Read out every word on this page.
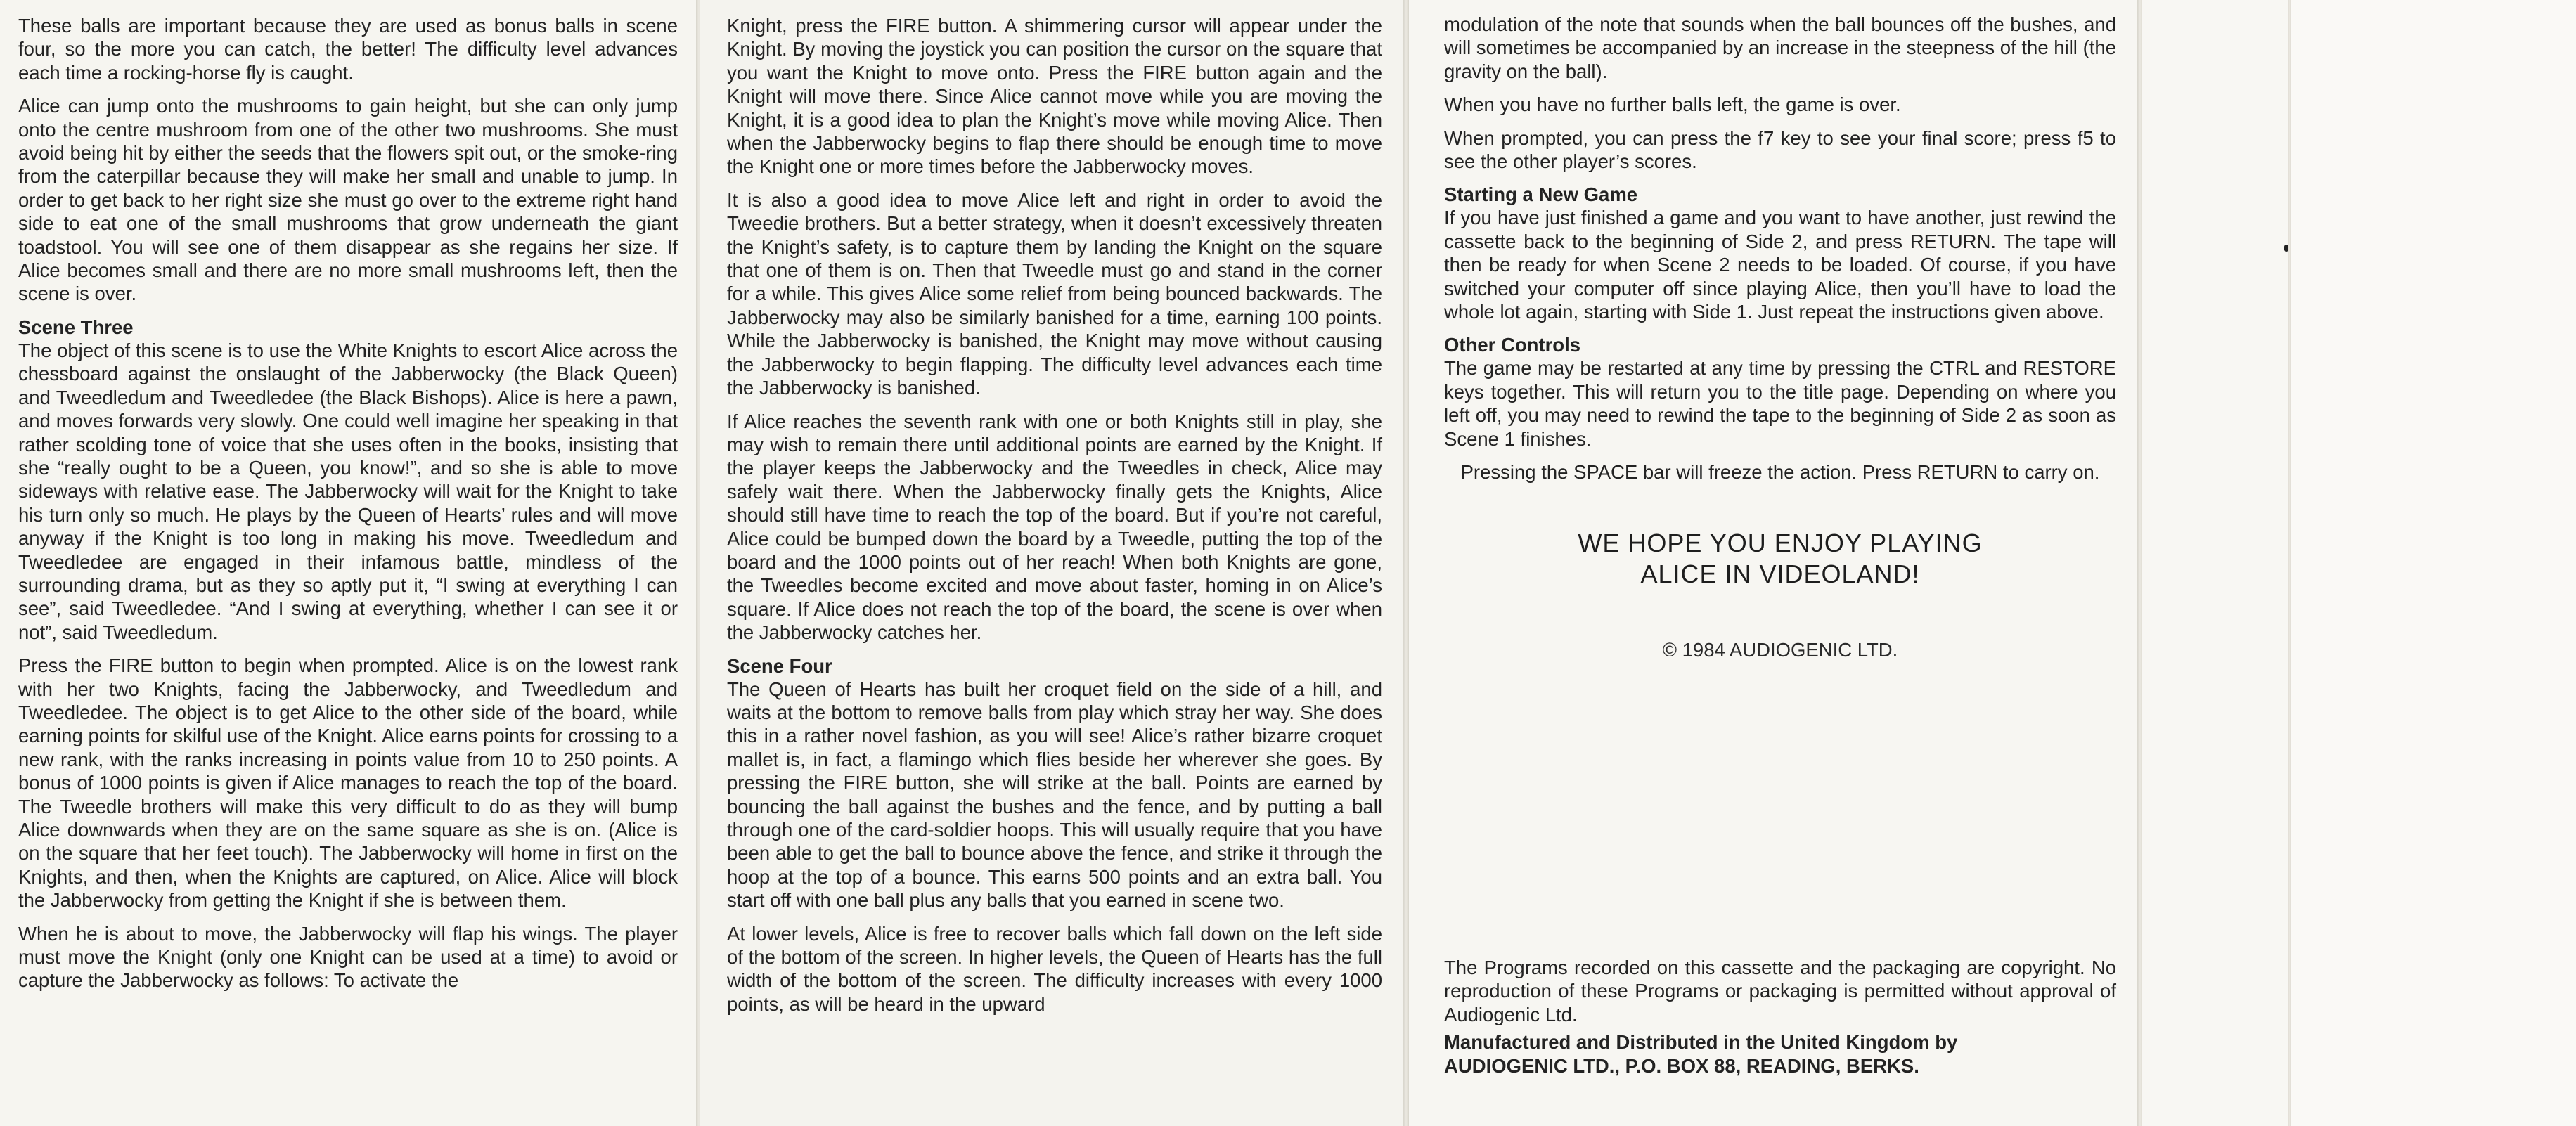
These balls are important because they are used as bonus balls in scene four, so the more you can catch, the better! The difficulty level advances each time a rocking-horse fly is caught.

Alice can jump onto the mushrooms to gain height, but she can only jump onto the centre mushroom from one of the other two mushrooms. She must avoid being hit by either the seeds that the flowers spit out, or the smoke-ring from the caterpillar because they will make her small and unable to jump. In order to get back to her right size she must go over to the extreme right hand side to eat one of the small mushrooms that grow underneath the giant toadstool. You will see one of them disappear as she regains her size. If Alice becomes small and there are no more small mushrooms left, then the scene is over.

Scene Three

The object of this scene is to use the White Knights to escort Alice across the chessboard against the onslaught of the Jabberwocky (the Black Queen) and Tweedledum and Tweedledee (the Black Bishops). Alice is here a pawn, and moves forwards very slowly. One could well imagine her speaking in that rather scolding tone of voice that she uses often in the books, insisting that she “really ought to be a Queen, you know!”, and so she is able to move sideways with relative ease. The Jabberwocky will wait for the Knight to take his turn only so much. He plays by the Queen of Hearts’ rules and will move anyway if the Knight is too long in making his move. Tweedledum and Tweedledee are engaged in their infamous battle, mindless of the surrounding drama, but as they so aptly put it, “I swing at everything I can see”, said Tweedledee. “And I swing at everything, whether I can see it or not”, said Tweedledum.

Press the FIRE button to begin when prompted. Alice is on the lowest rank with her two Knights, facing the Jabberwocky, and Tweedledum and Tweedledee. The object is to get Alice to the other side of the board, while earning points for skilful use of the Knight. Alice earns points for crossing to a new rank, with the ranks increasing in points value from 10 to 250 points. A bonus of 1000 points is given if Alice manages to reach the top of the board. The Tweedle brothers will make this very difficult to do as they will bump Alice downwards when they are on the same square as she is on. (Alice is on the square that her feet touch). The Jabberwocky will home in first on the Knights, and then, when the Knights are captured, on Alice. Alice will block the Jabberwocky from getting the Knight if she is between them.

When he is about to move, the Jabberwocky will flap his wings. The player must move the Knight (only one Knight can be used at a time) to avoid or capture the Jabberwocky as follows: To activate the

Knight, press the FIRE button. A shimmering cursor will appear under the Knight. By moving the joystick you can position the cursor on the square that you want the Knight to move onto. Press the FIRE button again and the Knight will move there. Since Alice cannot move while you are moving the Knight, it is a good idea to plan the Knight’s move while moving Alice. Then when the Jabberwocky begins to flap there should be enough time to move the Knight one or more times before the Jabberwocky moves.

It is also a good idea to move Alice left and right in order to avoid the Tweedie brothers. But a better strategy, when it doesn’t excessively threaten the Knight’s safety, is to capture them by landing the Knight on the square that one of them is on. Then that Tweedle must go and stand in the corner for a while. This gives Alice some relief from being bounced backwards. The Jabberwocky may also be similarly banished for a time, earning 100 points. While the Jabberwocky is banished, the Knight may move without causing the Jabberwocky to begin flapping. The difficulty level advances each time the Jabberwocky is banished.

If Alice reaches the seventh rank with one or both Knights still in play, she may wish to remain there until additional points are earned by the Knight. If the player keeps the Jabberwocky and the Tweedles in check, Alice may safely wait there. When the Jabberwocky finally gets the Knights, Alice should still have time to reach the top of the board. But if you’re not careful, Alice could be bumped down the board by a Tweedle, putting the top of the board and the 1000 points out of her reach! When both Knights are gone, the Tweedles become excited and move about faster, homing in on Alice’s square. If Alice does not reach the top of the board, the scene is over when the Jabberwocky catches her.

Scene Four

The Queen of Hearts has built her croquet field on the side of a hill, and waits at the bottom to remove balls from play which stray her way. She does this in a rather novel fashion, as you will see! Alice’s rather bizarre croquet mallet is, in fact, a flamingo which flies beside her wherever she goes. By pressing the FIRE button, she will strike at the ball. Points are earned by bouncing the ball against the bushes and the fence, and by putting a ball through one of the card-soldier hoops. This will usually require that you have been able to get the ball to bounce above the fence, and strike it through the hoop at the top of a bounce. This earns 500 points and an extra ball. You start off with one ball plus any balls that you earned in scene two.

At lower levels, Alice is free to recover balls which fall down on the left side of the bottom of the screen. In higher levels, the Queen of Hearts has the full width of the bottom of the screen. The difficulty increases with every 1000 points, as will be heard in the upward

modulation of the note that sounds when the ball bounces off the bushes, and will sometimes be accompanied by an increase in the steepness of the hill (the gravity on the ball).

When you have no further balls left, the game is over.

When prompted, you can press the f7 key to see your final score; press f5 to see the other player’s scores.

Starting a New Game

If you have just finished a game and you want to have another, just rewind the cassette back to the beginning of Side 2, and press RETURN. The tape will then be ready for when Scene 2 needs to be loaded. Of course, if you have switched your computer off since playing Alice, then you’ll have to load the whole lot again, starting with Side 1. Just repeat the instructions given above.

Other Controls

The game may be restarted at any time by pressing the CTRL and RESTORE keys together. This will return you to the title page. Depending on where you left off, you may need to rewind the tape to the beginning of Side 2 as soon as Scene 1 finishes.

Pressing the SPACE bar will freeze the action. Press RETURN to carry on.

WE HOPE YOU ENJOY PLAYING
ALICE IN VIDEOLAND!
© 1984 AUDIOGENIC LTD.

The Programs recorded on this cassette and the packaging are copyright. No reproduction of these Programs or packaging is permitted without approval of Audiogenic Ltd.

Manufactured and Distributed in the United Kingdom by

AUDIOGENIC LTD., P.O. BOX 88, READING, BERKS.
